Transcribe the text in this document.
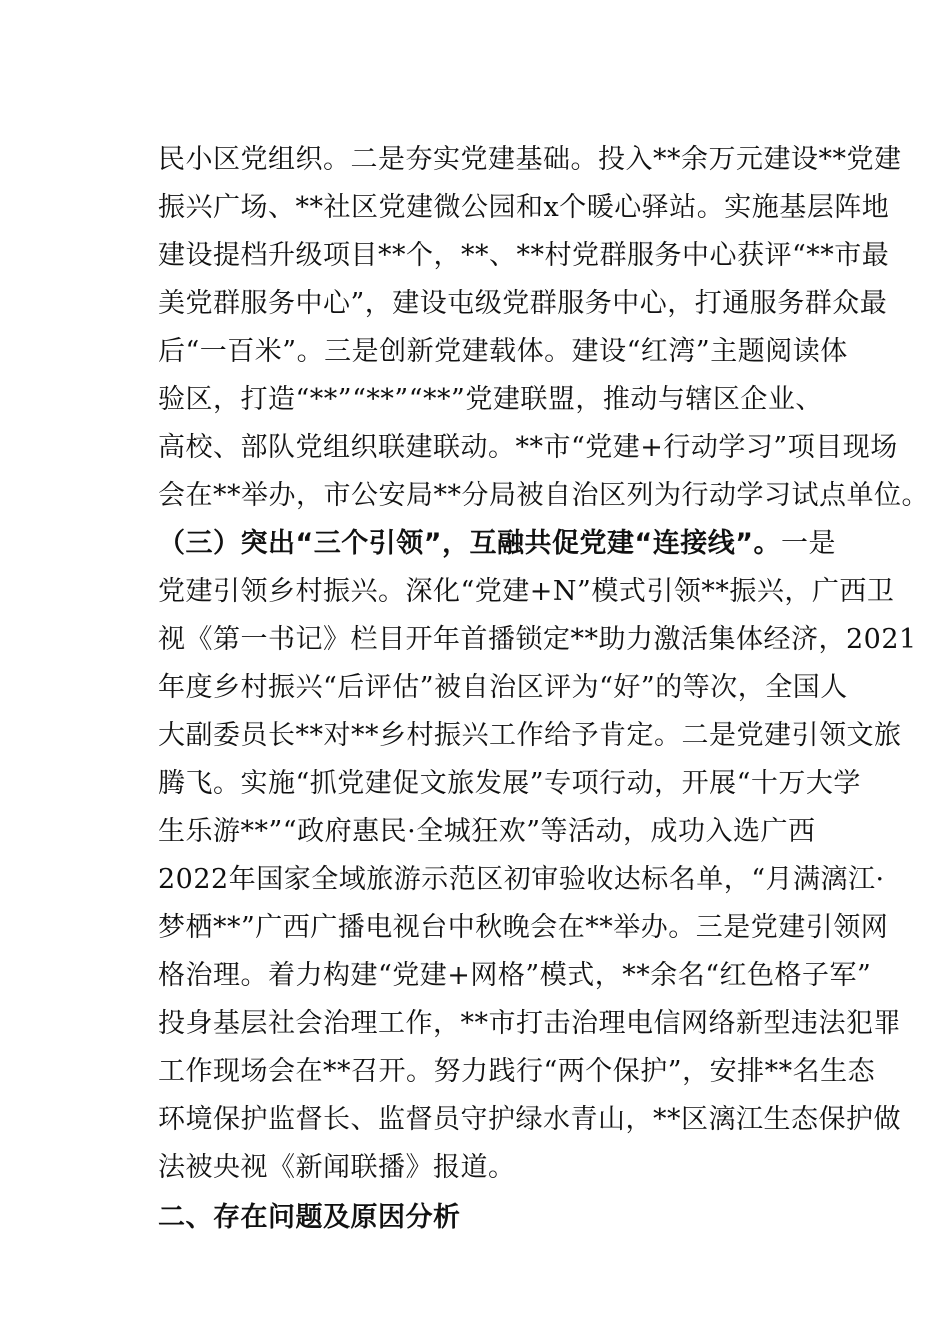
民小区党组织。二是夯实党建基础。投入**余万元建设**党建
振兴广场、**社区党建微公园和x个暖心驿站。实施基层阵地
建设提档升级项目**个，**、**村党群服务中心获评“**市最
美党群服务中心”，建设屯级党群服务中心，打通服务群众最
后“一百米”。三是创新党建载体。建设“红湾”主题阅读体
验区，打造“**”“**”“**”党建联盟，推动与辖区企业、
高校、部队党组织联建联动。**市“党建+行动学习”项目现场
会在**举办，市公安局**分局被自治区列为行动学习试点单位。
（三）突出“三个引领”，互融共促党建“连接线”。一是
党建引领乡村振兴。深化“党建+N”模式引领**振兴，广西卫
视《第一书记》栏目开年首播锁定**助力激活集体经济，2021
年度乡村振兴“后评估”被自治区评为“好”的等次，全国人
大副委员长**对**乡村振兴工作给予肯定。二是党建引领文旅
腾飞。实施“抓党建促文旅发展”专项行动，开展“十万大学
生乐游**”“政府惠民·全城狂欢”等活动，成功入选广西
2022年国家全域旅游示范区初审验收达标名单，“月满漓江·
梦栖**”广西广播电视台中秋晚会在**举办。三是党建引领网
格治理。着力构建“党建+网格”模式，**余名“红色格子军”
投身基层社会治理工作，**市打击治理电信网络新型违法犯罪
工作现场会在**召开。努力践行“两个保护”，安排**名生态
环境保护监督长、监督员守护绿水青山，**区漓江生态保护做
法被央视《新闻联播》报道。
二、存在问题及原因分析
